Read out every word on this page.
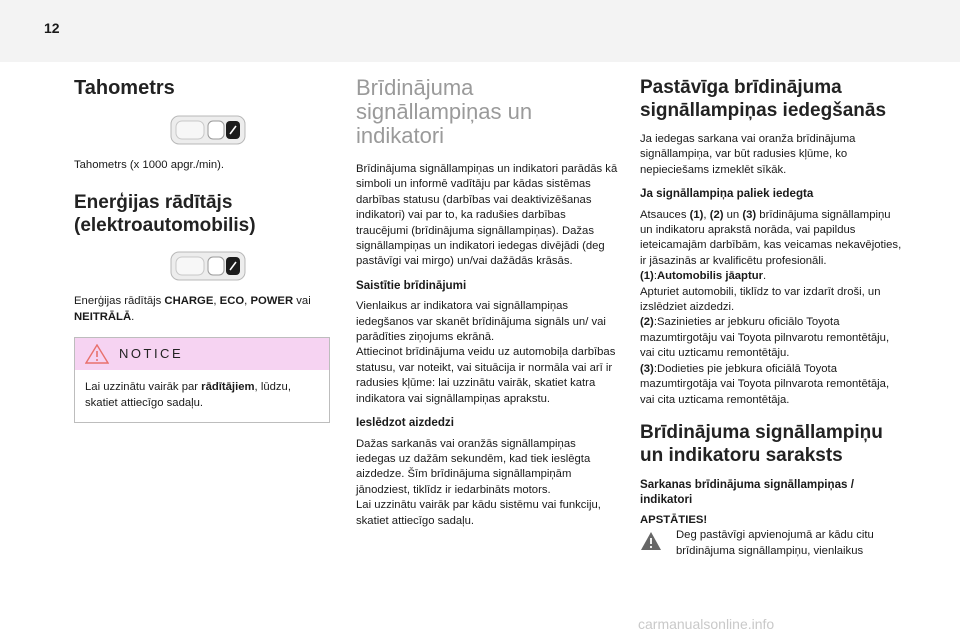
12
Tahometrs

Tahometrs (x 1000 apgr./min).

Enerģijas rādītājs (elektroautomobilis)

Enerģijas rādītājs CHARGE, ECO, POWER vai NEITRĀLĀ.

NOTICE

Lai uzzinātu vairāk par rādītājiem, lūdzu, skatiet attiecīgo sadaļu.

Brīdinājuma signāllampiņas un indikatori

Brīdinājuma signāllampiņas un indikatori parādās kā simboli un informē vadītāju par kādas sistēmas darbības statusu (darbības vai deaktivizēšanas indikatori) vai par to, ka radušies darbības traucējumi (brīdinājuma signāllampiņas). Dažas signāllampiņas un indikatori iedegas divējādi (deg pastāvīgi vai mirgo) un/vai dažādās krāsās.

Saistītie brīdinājumi

Vienlaikus ar indikatora vai signāllampiņas iedegšanos var skanēt brīdinājuma signāls un/ vai parādīties ziņojums ekrānā.

Attiecinot brīdinājuma veidu uz automobiļa darbības statusu, var noteikt, vai situācija ir normāla vai arī ir radusies kļūme: lai uzzinātu vairāk, skatiet katra indikatora vai signāllampiņas aprakstu.

Ieslēdzot aizdedzi

Dažas sarkanās vai oranžās signāllampiņas iedegas uz dažām sekundēm, kad tiek ieslēgta aizdedze. Šīm brīdinājuma signāllampiņām jānodziest, tiklīdz ir iedarbināts motors.

Lai uzzinātu vairāk par kādu sistēmu vai funkciju, skatiet attiecīgo sadaļu.

Pastāvīga brīdinājuma signāllampiņas iedegšanās

Ja iedegas sarkana vai oranža brīdinājuma signāllampiņa, var būt radusies kļūme, ko nepieciešams izmeklēt sīkāk.

Ja signāllampiņa paliek iedegta

Atsauces (1), (2) un (3) brīdinājuma signāllampiņu un indikatoru aprakstā norāda, vai papildus ieteicamajām darbībām, kas veicamas nekavējoties, ir jāsazinās ar kvalificētu profesionāli.

(1):Automobilis jāaptur.
Apturiet automobili, tiklīdz to var izdarīt droši, un izslēdziet aizdedzi.

(2):Sazinieties ar jebkuru oficiālo Toyota mazumtirgotāju vai Toyota pilnvarotu remontētāju, vai citu uzticamu remontētāju.

(3):Dodieties pie jebkura oficiālā Toyota mazumtirgotāja vai Toyota pilnvarota remontētāja, vai cita uzticama remontētāja.

Brīdinājuma signāllampiņu un indikatoru saraksts

Sarkanas brīdinājuma signāllampiņas / indikatori

APSTĀTIES!

Deg pastāvīgi apvienojumā ar kādu citu brīdinājuma signāllampiņu, vienlaikus

carmanualsonline.info
